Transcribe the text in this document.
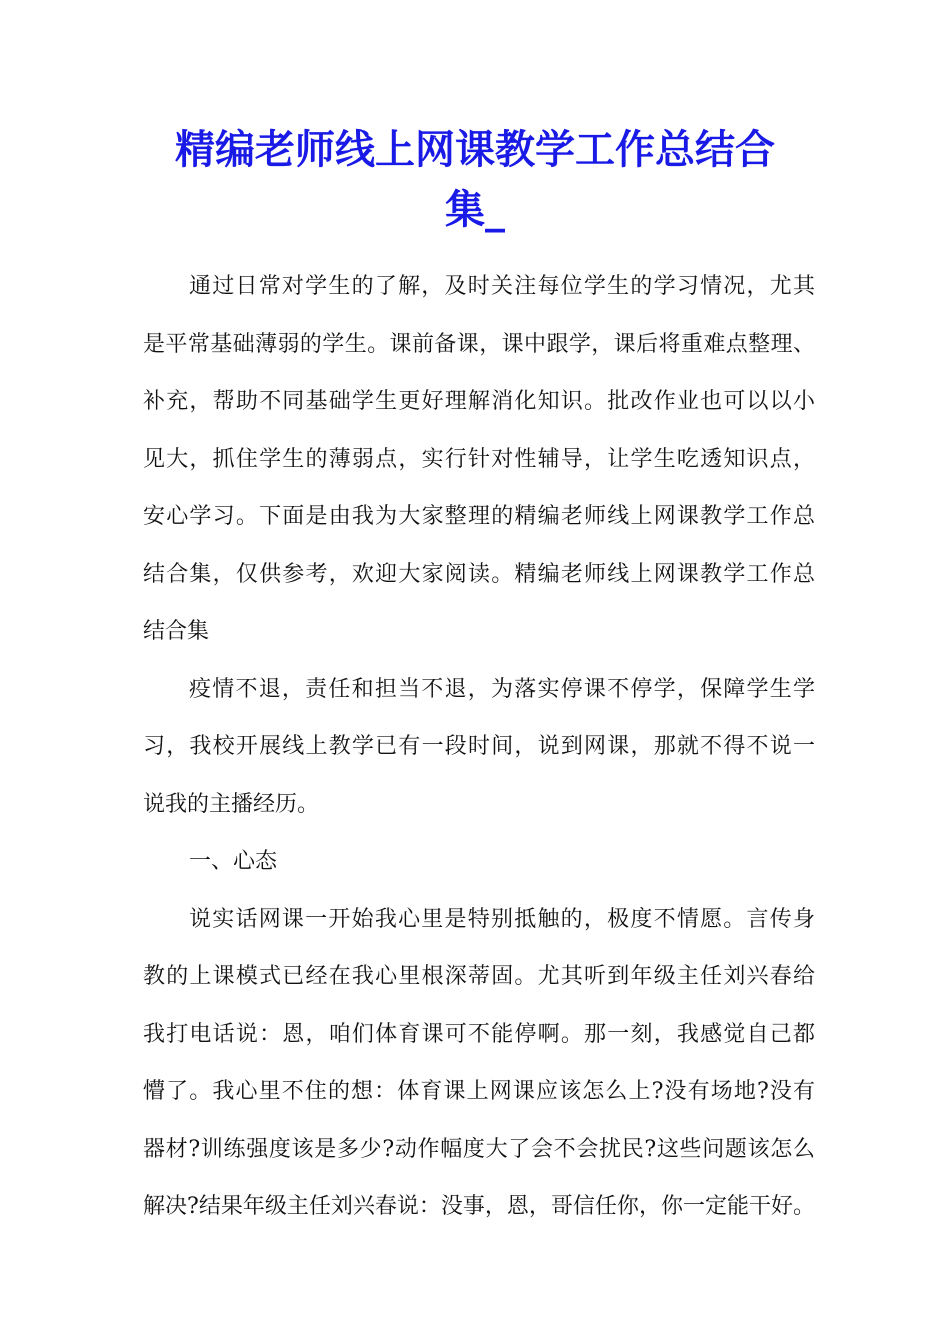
精编老师线上网课教学工作总结合
集_
通过日常对学生的了解，及时关注每位学生的学习情况，尤其
是平常基础薄弱的学生。课前备课，课中跟学，课后将重难点整理、
补充，帮助不同基础学生更好理解消化知识。批改作业也可以以小
见大，抓住学生的薄弱点，实行针对性辅导，让学生吃透知识点，
安心学习。下面是由我为大家整理的精编老师线上网课教学工作总
结合集，仅供参考，欢迎大家阅读。精编老师线上网课教学工作总
结合集
疫情不退，责任和担当不退，为落实停课不停学，保障学生学
习，我校开展线上教学已有一段时间，说到网课，那就不得不说一
说我的主播经历。
一、心态
说实话网课一开始我心里是特别抵触的，极度不情愿。言传身
教的上课模式已经在我心里根深蒂固。尤其听到年级主任刘兴春给
我打电话说：恩，咱们体育课可不能停啊。那一刻，我感觉自己都
懵了。我心里不住的想：体育课上网课应该怎么上?没有场地?没有
器材?训练强度该是多少?动作幅度大了会不会扰民?这些问题该怎么
解决?结果年级主任刘兴春说：没事，恩，哥信任你，你一定能干好。
